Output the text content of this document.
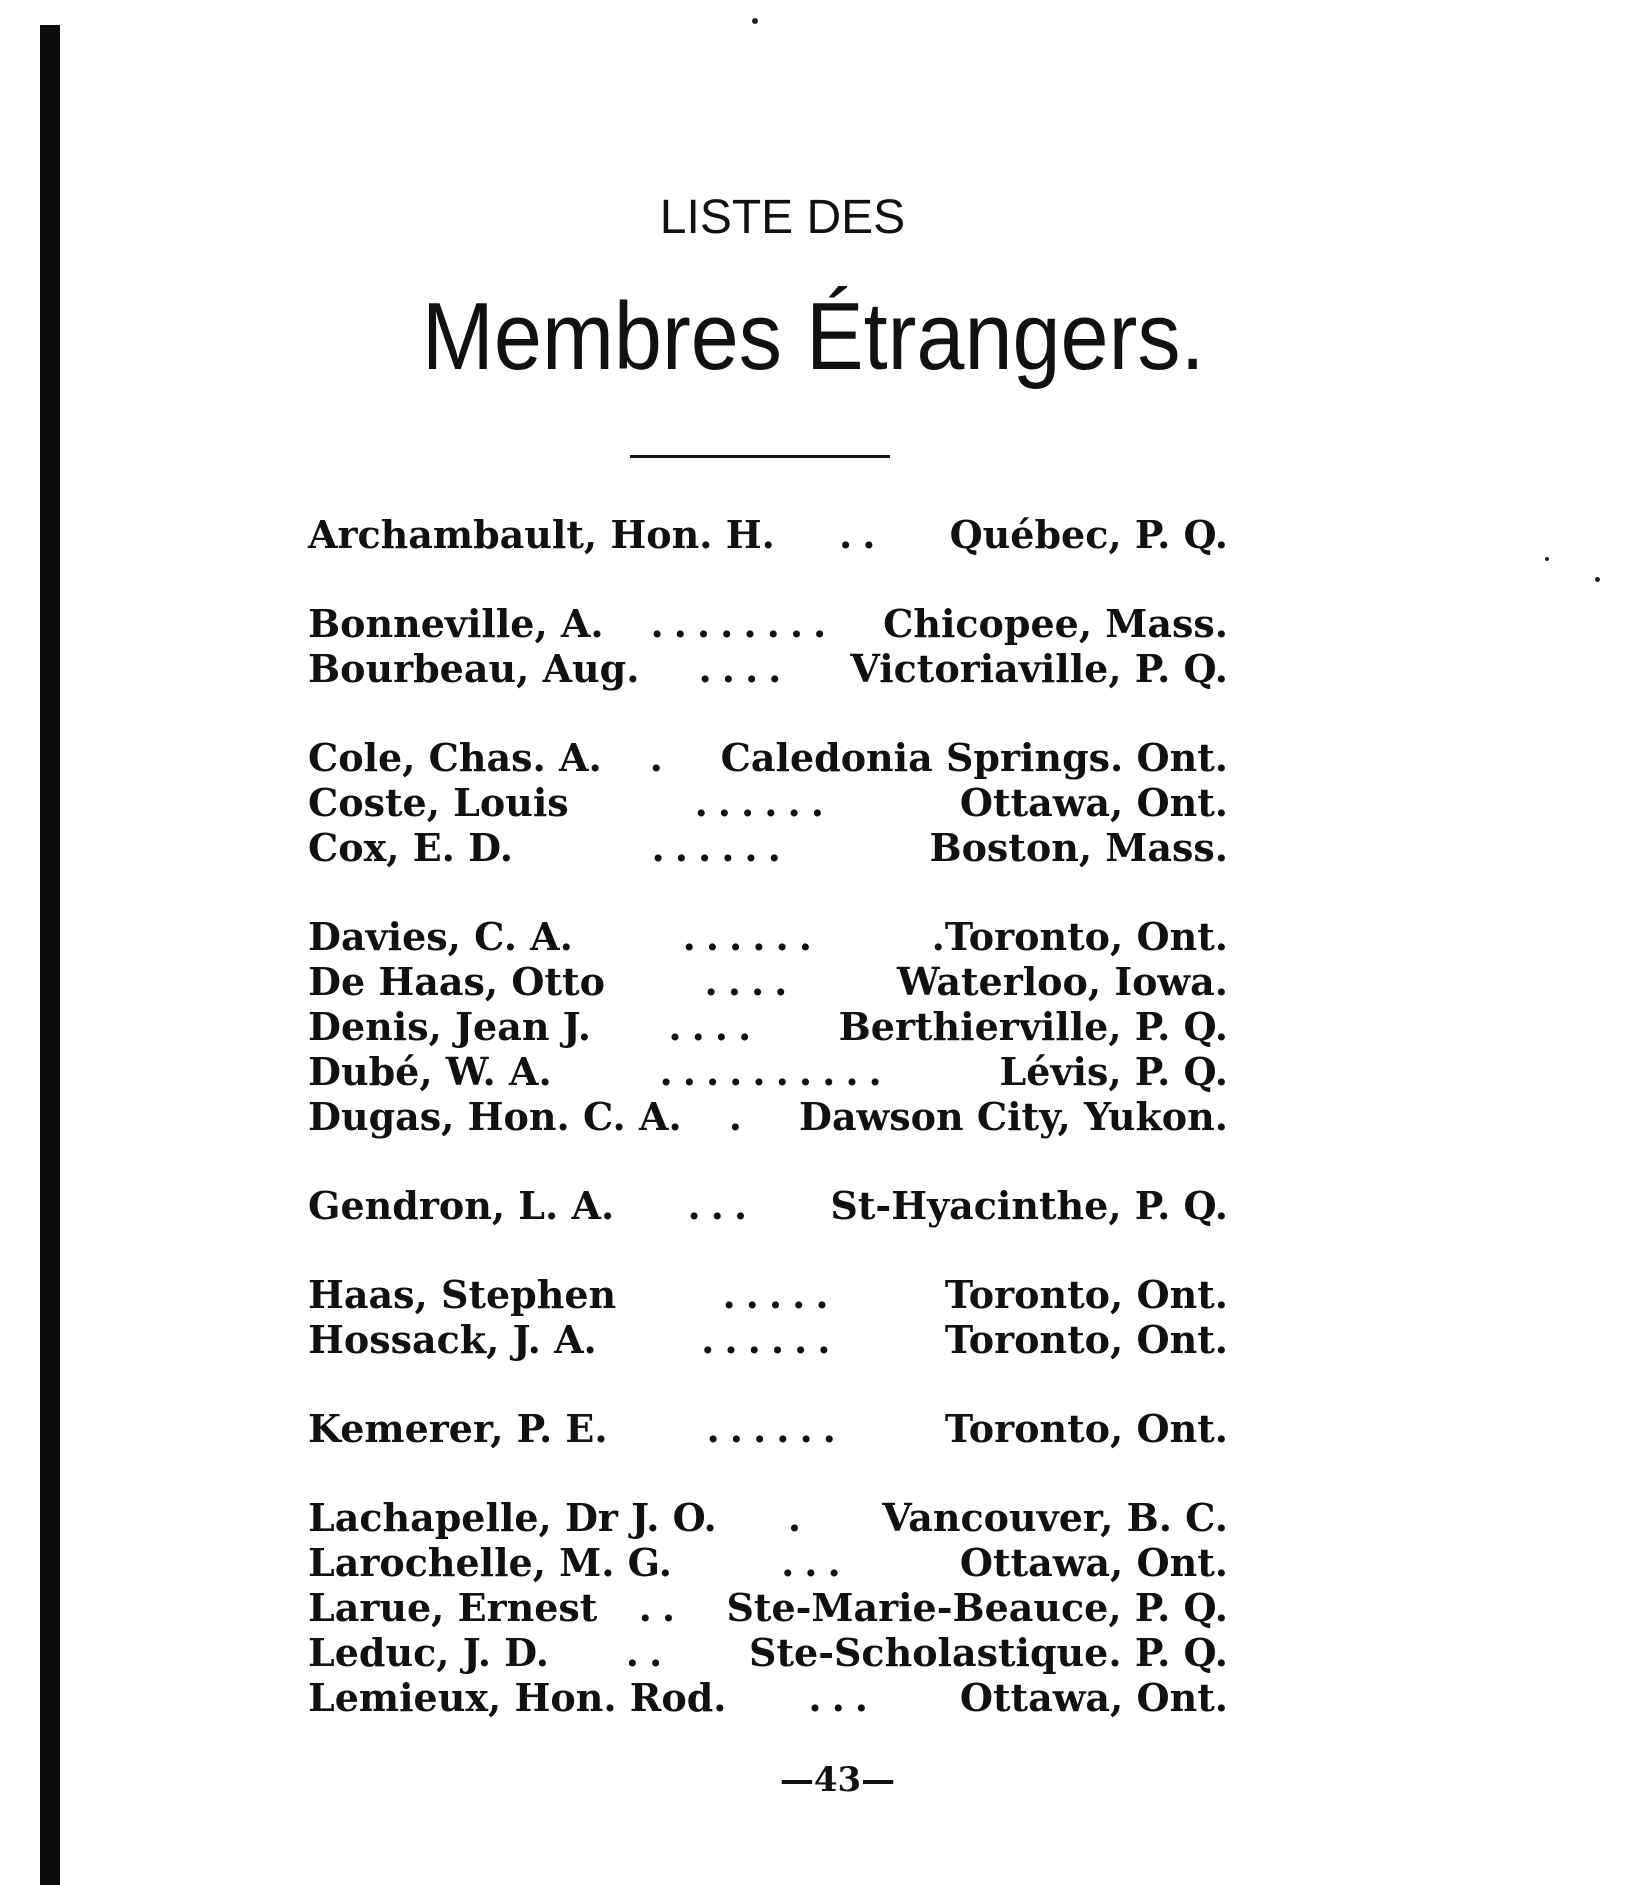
LISTE DES
Membres Étrangers.
Archambault, Hon. H.	..	Québec, P. Q.
Bonneville, A.	........	Chicopee, Mass.
Bourbeau, Aug.	....	Victoriaville, P. Q.
Cole, Chas. A.	.	Caledonia Springs. Ont.
Coste, Louis	......	Ottawa, Ont.
Cox, E. D.	......	Boston, Mass.
Davies, C. A.	......	.Toronto, Ont.
De Haas, Otto	....	Waterloo, Iowa.
Denis, Jean J.	....	Berthierville, P. Q.
Dubé, W. A.	..........	Lévis, P. Q.
Dugas, Hon. C. A.	.	Dawson City, Yukon.
Gendron, L. A.	...	St-Hyacinthe, P. Q.
Haas, Stephen	.....	Toronto, Ont.
Hossack, J. A.	......	Toronto, Ont.
Kemerer, P. E.	......	Toronto, Ont.
Lachapelle, Dr J. O.	.	Vancouver, B. C.
Larochelle, M. G.	...	Ottawa, Ont.
Larue, Ernest	..	Ste-Marie-Beauce, P. Q.
Leduc, J. D.	..	Ste-Scholastique. P. Q.
Lemieux, Hon. Rod.	...	Ottawa, Ont.
—43—
